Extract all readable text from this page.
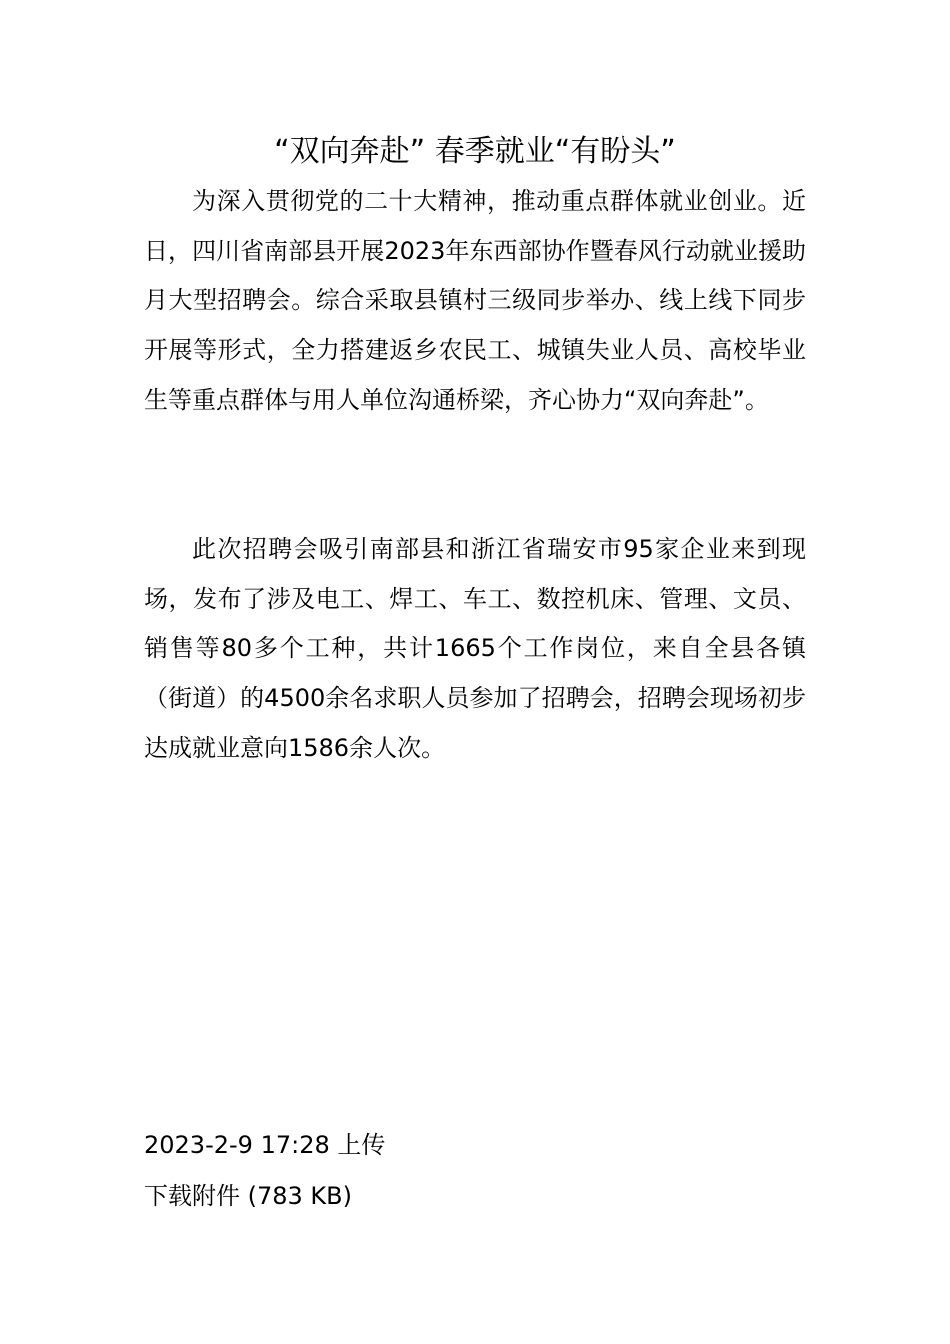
“双向奔赴” 春季就业“有盼头”

为深入贯彻党的二十大精神，推动重点群体就业创业。近日，四川省南部县开展2023年东西部协作暨春风行动就业援助月大型招聘会。综合采取县镇村三级同步举办、线上线下同步开展等形式，全力搭建返乡农民工、城镇失业人员、高校毕业生等重点群体与用人单位沟通桥梁，齐心协力“双向奔赴”。

此次招聘会吸引南部县和浙江省瑞安市95家企业来到现场，发布了涉及电工、焊工、车工、数控机床、管理、文员、销售等80多个工种，共计1665个工作岗位，来自全县各镇（街道）的4500余名求职人员参加了招聘会，招聘会现场初步达成就业意向1586余人次。

2023-2-9 17:28 上传
下载附件 (783 KB)
